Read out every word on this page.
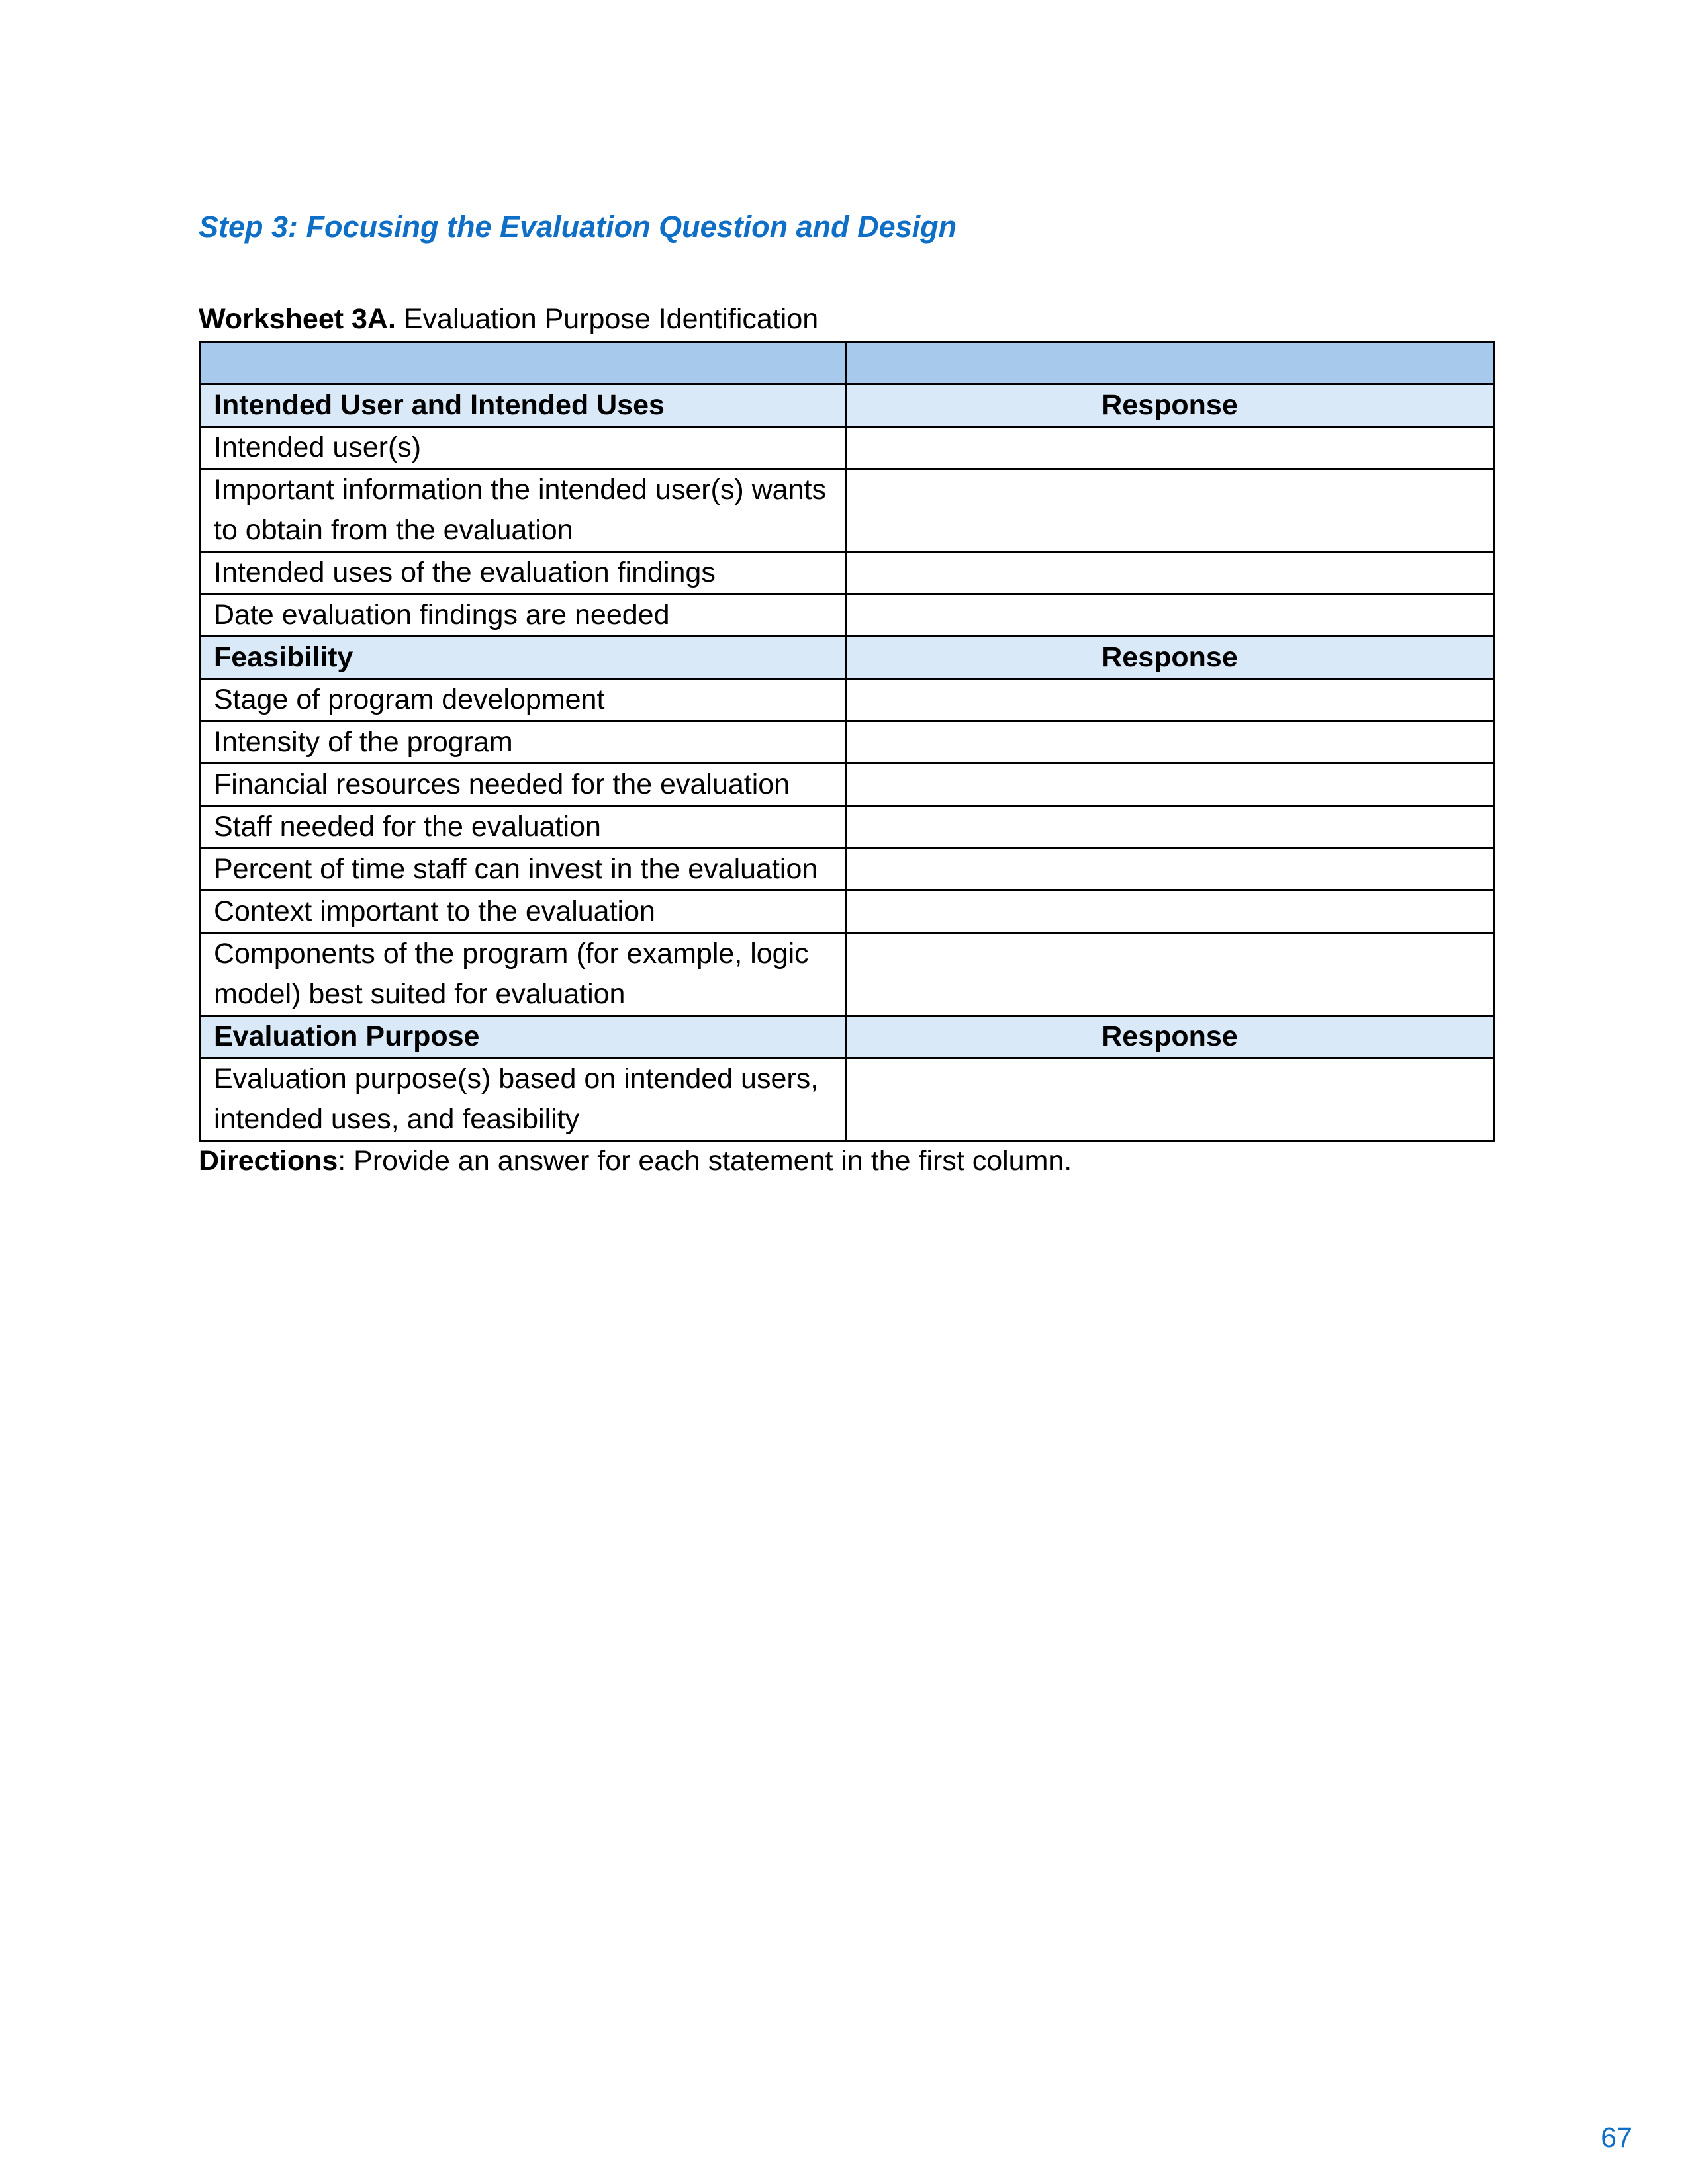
Step 3: Focusing the Evaluation Question and Design

Worksheet 3A. Evaluation Purpose Identification

Intended User and Intended Uses	Response
Intended user(s)	
Important information the intended user(s) wants to obtain from the evaluation	
Intended uses of the evaluation findings	
Date evaluation findings are needed	
Feasibility	Response
Stage of program development	
Intensity of the program	
Financial resources needed for the evaluation	
Staff needed for the evaluation	
Percent of time staff can invest in the evaluation	
Context important to the evaluation	
Components of the program (for example, logic model) best suited for evaluation	
Evaluation Purpose	Response
Evaluation purpose(s) based on intended users, intended uses, and feasibility	

Directions: Provide an answer for each statement in the first column.

67
